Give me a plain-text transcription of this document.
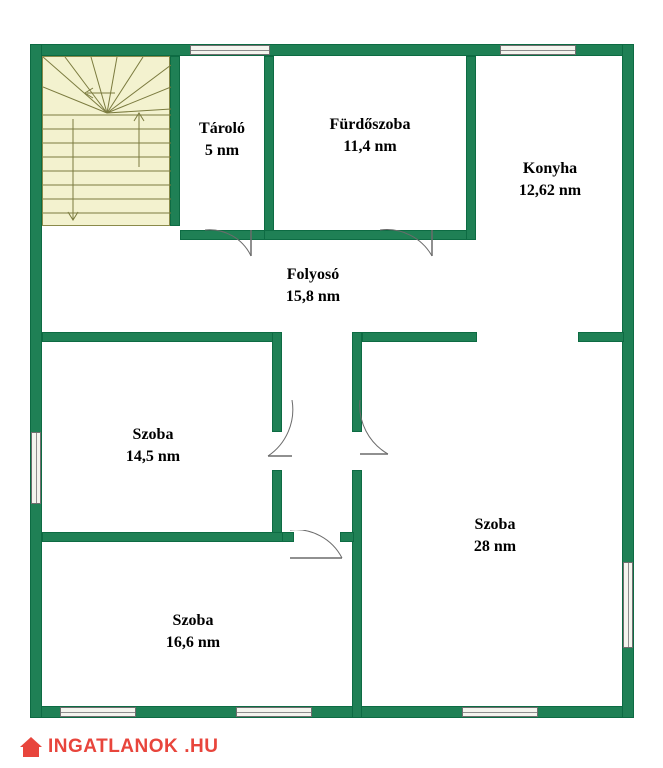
Tároló
5 nm
Fürdőszoba
11,4 nm
Konyha
12,62 nm
Folyosó
15,8 nm
Szoba
14,5 nm
Szoba
28 nm
Szoba
16,6 nm
INGATLANOK .HU
